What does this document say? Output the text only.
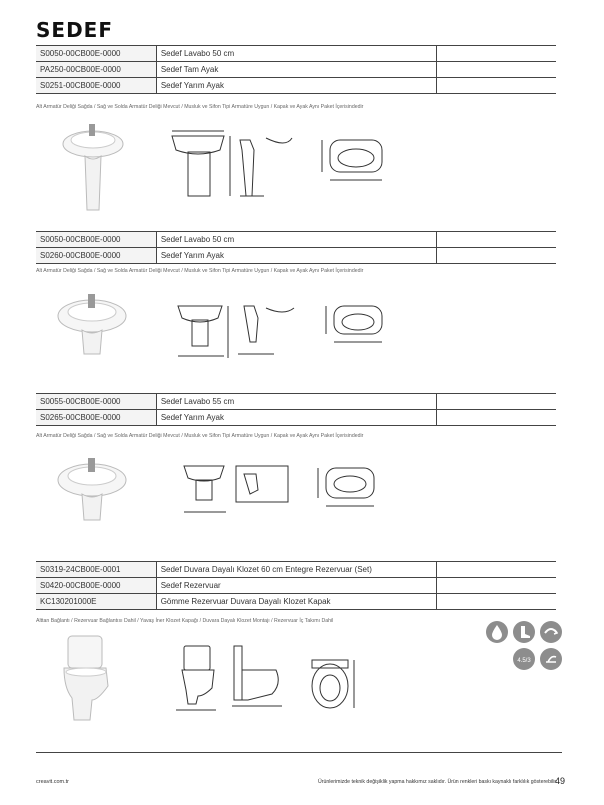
SEDEF
S0050-00CB00E-0000	Sedef Lavabo 50 cm	
PA250-00CB00E-0000	Sedef Tam Ayak	
S0251-00CB00E-0000	Sedef Yarım Ayak	
Alt Armatür Deliği Sağda / Sağ ve Solda Armatür Deliği Mevcut / Musluk ve Sifon Tipi Armatüre Uygun / Kapak ve Ayak Aynı Paket İçerisindedir
S0050-00CB00E-0000	Sedef Lavabo 50 cm	
S0260-00CB00E-0000	Sedef Yarım Ayak	
Alt Armatür Deliği Sağda / Sağ ve Solda Armatür Deliği Mevcut / Musluk ve Sifon Tipi Armatüre Uygun / Kapak ve Ayak Aynı Paket İçerisindedir
S0055-00CB00E-0000	Sedef Lavabo 55 cm	
S0265-00CB00E-0000	Sedef Yarım Ayak	
Alt Armatür Deliği Sağda / Sağ ve Solda Armatür Deliği Mevcut / Musluk ve Sifon Tipi Armatüre Uygun / Kapak ve Ayak Aynı Paket İçerisindedir
S0319-24CB00E-0001	Sedef Duvara Dayalı Klozet 60 cm Entegre Rezervuar (Set)	
S0420-00CB00E-0000	Sedef Rezervuar	
KC130201000E	Gömme Rezervuar Duvara Dayalı Klozet Kapak	
Alttan Bağlantı / Rezervuar Bağlantısı Dahil / Yavaş İner Klozet Kapağı / Duvara Dayalı Klozet Montajı / Rezervuar İç Takımı Dahil
4.5/3
creavit.com.tr	Ürünlerimizde teknik değişiklik yapma hakkımız saklıdır. Ürün renkleri baskı kaynaklı farklılık gösterebilir.
49
